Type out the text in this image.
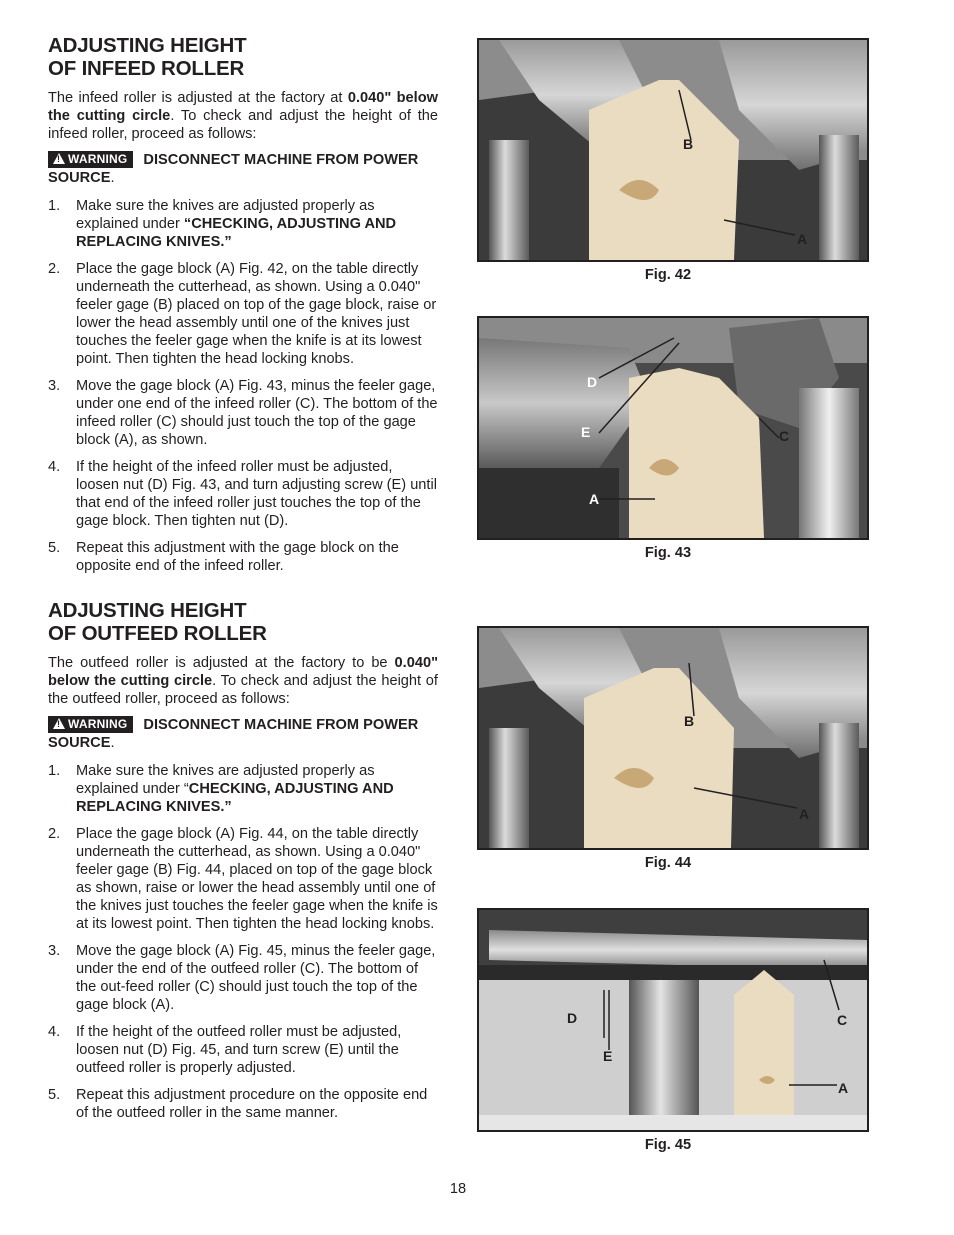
ADJUSTING HEIGHT
OF INFEED ROLLER

The infeed roller is adjusted at the factory at 0.040" below the cutting circle. To check and adjust the height of the infeed roller, proceed as follows:

!WARNING DISCONNECT MACHINE FROM POWER SOURCE.
1. Make sure the knives are adjusted properly as explained under “CHECKING, ADJUSTING AND REPLACING KNIVES.”
2. Place the gage block (A) Fig. 42, on the table directly underneath the cutterhead, as shown. Using a 0.040" feeler gage (B) placed on top of the gage block, raise or lower the head assembly until one of the knives just touches the feeler gage when the knife is at its lowest point. Then tighten the head locking knobs.
3. Move the gage block (A) Fig. 43, minus the feeler gage, under one end of the infeed roller (C). The bottom of the infeed roller (C) should just touch the top of the gage block (A), as shown.
4. If the height of the infeed roller must be adjusted, loosen nut (D) Fig. 43, and turn adjusting screw (E) until that end of the infeed roller just touches the top of the gage block. Then tighten nut (D).
5. Repeat this adjustment with the gage block on the opposite end of the infeed roller.
ADJUSTING HEIGHT
OF OUTFEED ROLLER

The outfeed roller is adjusted at the factory to be 0.040" below the cutting circle. To check and adjust the height of the outfeed roller, proceed as follows:

!WARNING DISCONNECT MACHINE FROM POWER SOURCE.
1. Make sure the knives are adjusted properly as explained under “CHECKING, ADJUSTING AND REPLACING KNIVES.”
2. Place the gage block (A) Fig. 44, on the table directly underneath the cutterhead, as shown. Using a 0.040" feeler gage (B) Fig. 44, placed on top of the gage block as shown, raise or lower the head assembly until one of the knives just touches the feeler gage when the knife is at its lowest point. Then tighten the head locking knobs.
3. Move the gage block (A) Fig. 45, minus the feeler gage, under the end of the outfeed roller (C). The bottom of the out-feed roller (C) should just touch the top of the gage block (A).
4. If the height of the outfeed roller must be adjusted, loosen nut (D) Fig. 45, and turn screw (E) until the outfeed roller is properly adjusted.
5. Repeat this adjustment procedure on the opposite end of the outfeed roller in the same manner.
B
A
Fig. 42
D
E	C
A
Fig. 43
B
A
Fig. 44
D
E
C
A
Fig. 45
18
